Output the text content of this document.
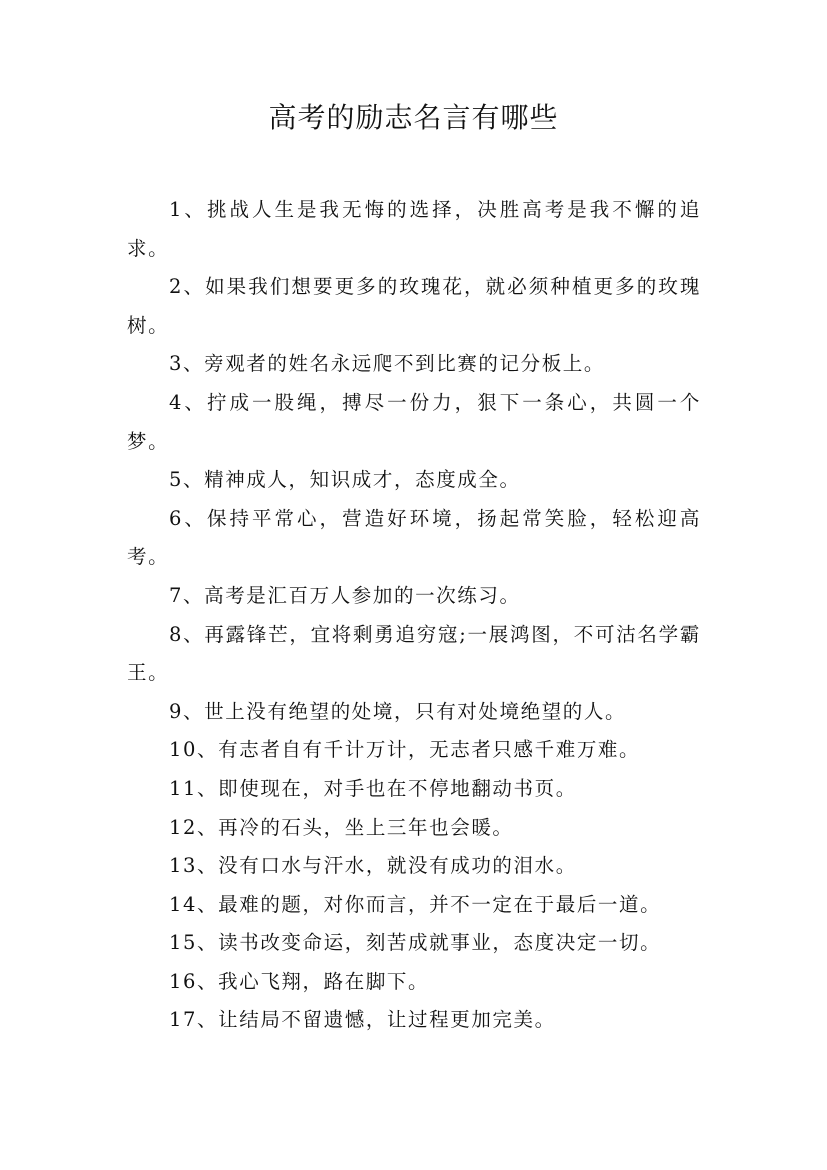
高考的励志名言有哪些

1、挑战人生是我无悔的选择，决胜高考是我不懈的追求。

2、如果我们想要更多的玫瑰花，就必须种植更多的玫瑰树。

3、旁观者的姓名永远爬不到比赛的记分板上。

4、拧成一股绳，搏尽一份力，狠下一条心，共圆一个梦。

5、精神成人，知识成才，态度成全。

6、保持平常心，营造好环境，扬起常笑脸，轻松迎高考。

7、高考是汇百万人参加的一次练习。

8、再露锋芒，宜将剩勇追穷寇;一展鸿图，不可沽名学霸王。

9、世上没有绝望的处境，只有对处境绝望的人。

10、有志者自有千计万计，无志者只感千难万难。

11、即使现在，对手也在不停地翻动书页。

12、再冷的石头，坐上三年也会暖。

13、没有口水与汗水，就没有成功的泪水。

14、最难的题，对你而言，并不一定在于最后一道。

15、读书改变命运，刻苦成就事业，态度决定一切。

16、我心飞翔，路在脚下。

17、让结局不留遗憾，让过程更加完美。
